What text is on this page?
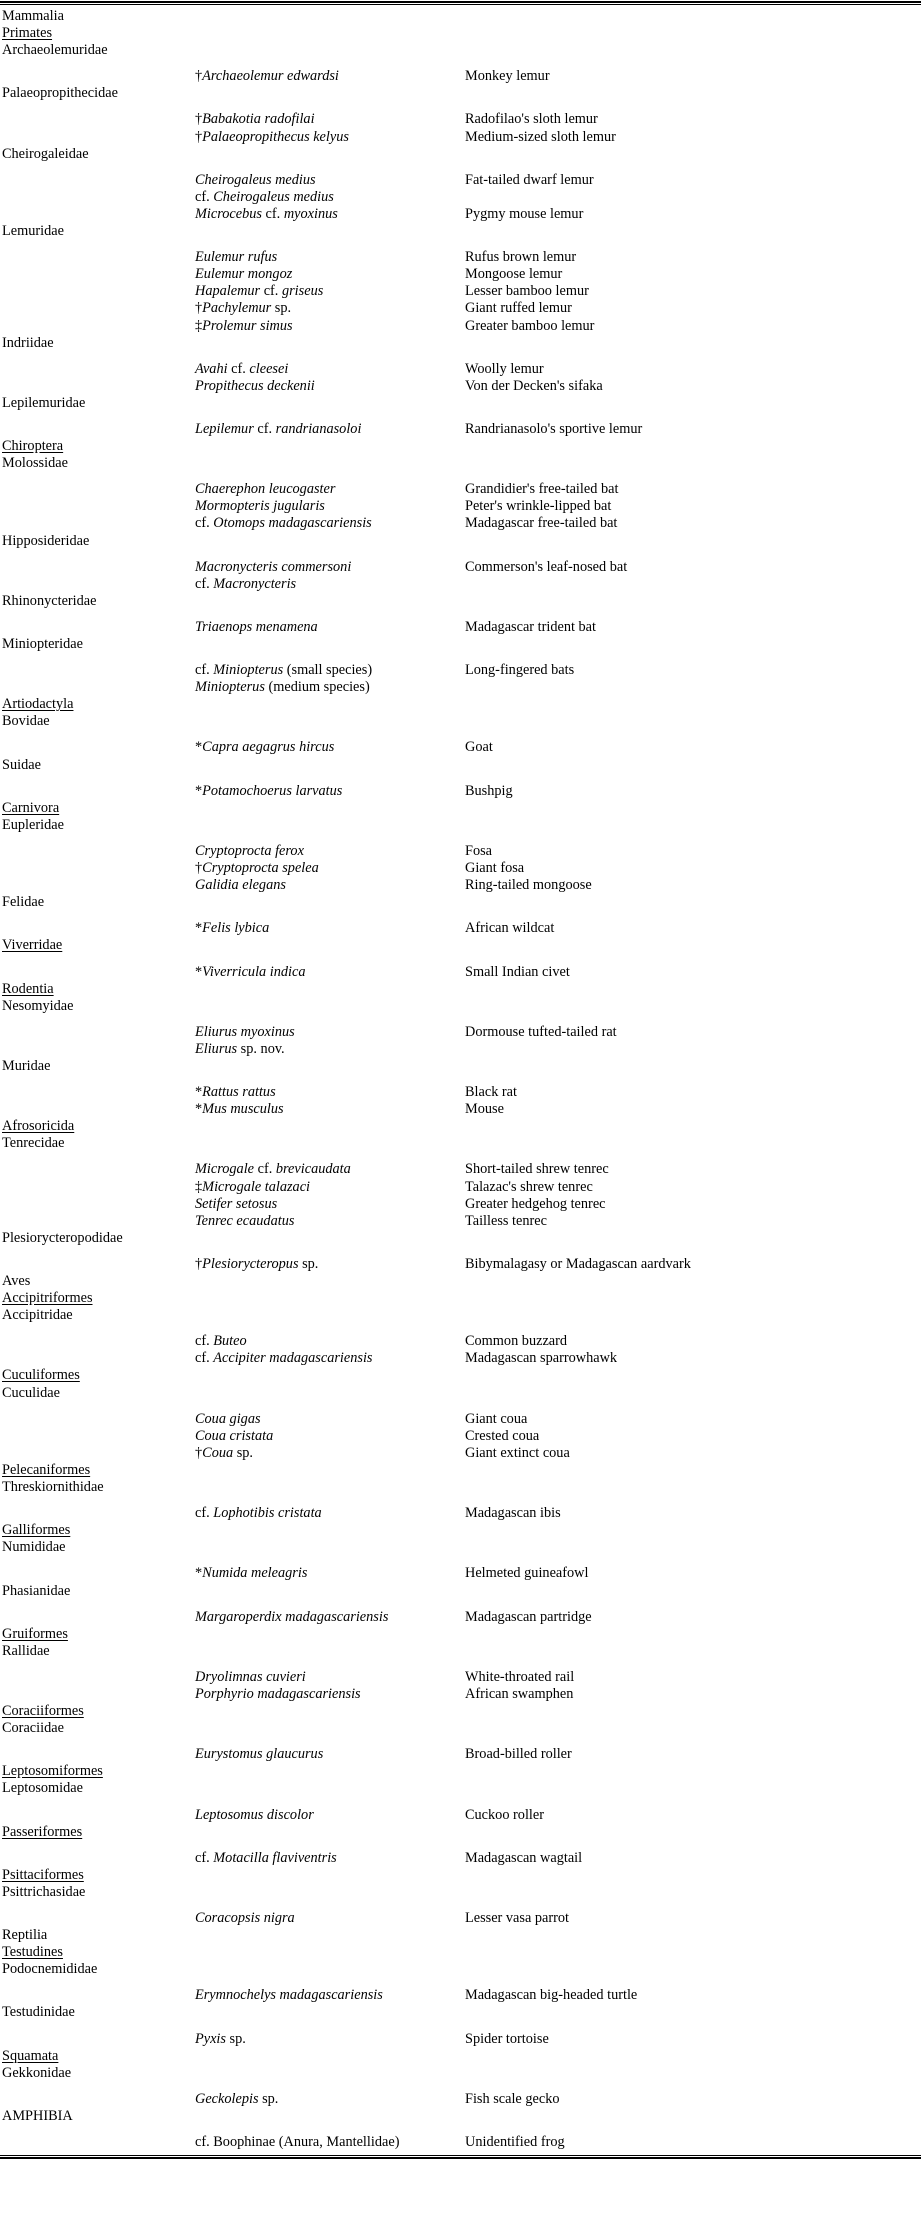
Mammalia
Primates
Archaeolemuridae
†Archaeolemur edwardsi	Monkey lemur
Palaeopropithecidae
†Babakotia radofilai	Radofilao's sloth lemur
†Palaeopropithecus kelyus	Medium-sized sloth lemur
Cheirogaleidae
Cheirogaleus medius	Fat-tailed dwarf lemur
cf. Cheirogaleus medius
Microcebus cf. myoxinus	Pygmy mouse lemur
Lemuridae
Eulemur rufus	Rufus brown lemur
Eulemur mongoz	Mongoose lemur
Hapalemur cf. griseus	Lesser bamboo lemur
†Pachylemur sp.	Giant ruffed lemur
‡Prolemur simus	Greater bamboo lemur
Indriidae
Avahi cf. cleesei	Woolly lemur
Propithecus deckenii	Von der Decken's sifaka
Lepilemuridae
Lepilemur cf. randrianasoloi	Randrianasolo's sportive lemur
Chiroptera
Molossidae
Chaerephon leucogaster	Grandidier's free-tailed bat
Mormopteris jugularis	Peter's wrinkle-lipped bat
cf. Otomops madagascariensis	Madagascar free-tailed bat
Hipposideridae
Macronycteris commersoni	Commerson's leaf-nosed bat
cf. Macronycteris
Rhinonycteridae
Triaenops menamena	Madagascar trident bat
Miniopteridae
cf. Miniopterus (small species)	Long-fingered bats
Miniopterus (medium species)
Artiodactyla
Bovidae
*Capra aegagrus hircus	Goat
Suidae
*Potamochoerus larvatus	Bushpig
Carnivora
Eupleridae
Cryptoprocta ferox	Fosa
†Cryptoprocta spelea	Giant fosa
Galidia elegans	Ring-tailed mongoose
Felidae
*Felis lybica	African wildcat
Viverridae
*Viverricula indica	Small Indian civet
Rodentia
Nesomyidae
Eliurus myoxinus	Dormouse tufted-tailed rat
Eliurus sp. nov.
Muridae
*Rattus rattus	Black rat
*Mus musculus	Mouse
Afrosoricida
Tenrecidae
Microgale cf. brevicaudata	Short-tailed shrew tenrec
‡Microgale talazaci	Talazac's shrew tenrec
Setifer setosus	Greater hedgehog tenrec
Tenrec ecaudatus	Tailless tenrec
Plesiorycteropodidae
†Plesiorycteropus sp.	Bibymalagasy or Madagascan aardvark
Aves
Accipitriformes
Accipitridae
cf. Buteo	Common buzzard
cf. Accipiter madagascariensis	Madagascan sparrowhawk
Cuculiformes
Cuculidae
Coua gigas	Giant coua
Coua cristata	Crested coua
†Coua sp.	Giant extinct coua
Pelecaniformes
Threskiornithidae
cf. Lophotibis cristata	Madagascan ibis
Galliformes
Numididae
*Numida meleagris	Helmeted guineafowl
Phasianidae
Margaroperdix madagascariensis	Madagascan partridge
Gruiformes
Rallidae
Dryolimnas cuvieri	White-throated rail
Porphyrio madagascariensis	African swamphen
Coraciiformes
Coraciidae
Eurystomus glaucurus	Broad-billed roller
Leptosomiformes
Leptosomidae
Leptosomus discolor	Cuckoo roller
Passeriformes
cf. Motacilla flaviventris	Madagascan wagtail
Psittaciformes
Psittrichasidae
Coracopsis nigra	Lesser vasa parrot
Reptilia
Testudines
Podocnemididae
Erymnochelys madagascariensis	Madagascan big-headed turtle
Testudinidae
Pyxis sp.	Spider tortoise
Squamata
Gekkonidae
Geckolepis sp.	Fish scale gecko
AMPHIBIA
cf. Boophinae (Anura, Mantellidae)	Unidentified frog
